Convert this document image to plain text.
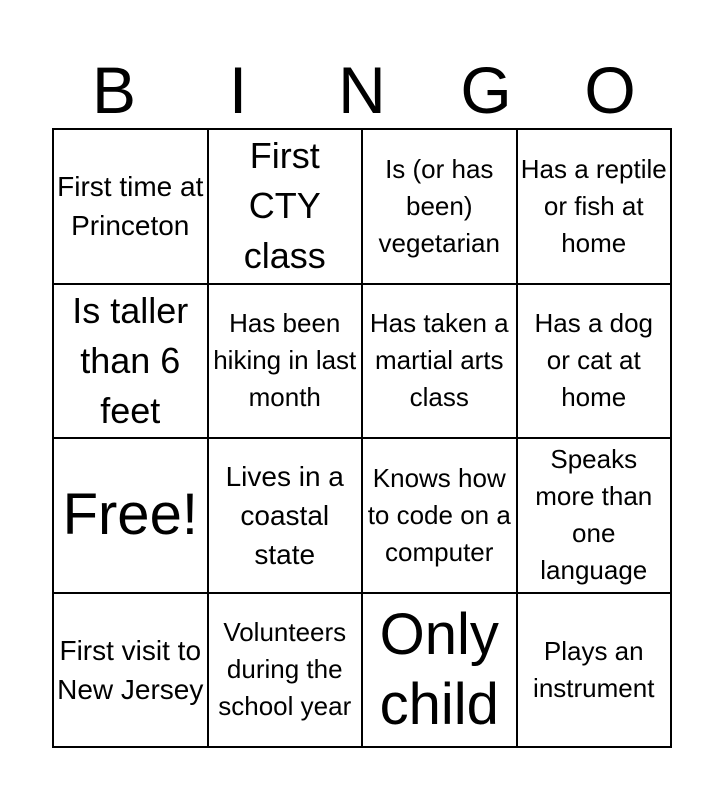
B	I	N	G	O
First time at Princeton
First CTY class
Is (or has been) vegetarian
Has a reptile or fish at home
Is taller than 6 feet
Has been hiking in last month
Has taken a martial arts class
Has a dog or cat at home
Free!
Lives in a coastal state
Knows how to code on a computer
Speaks more than one language
First visit to New Jersey
Volunteers during the school year
Only child
Plays an instrument
